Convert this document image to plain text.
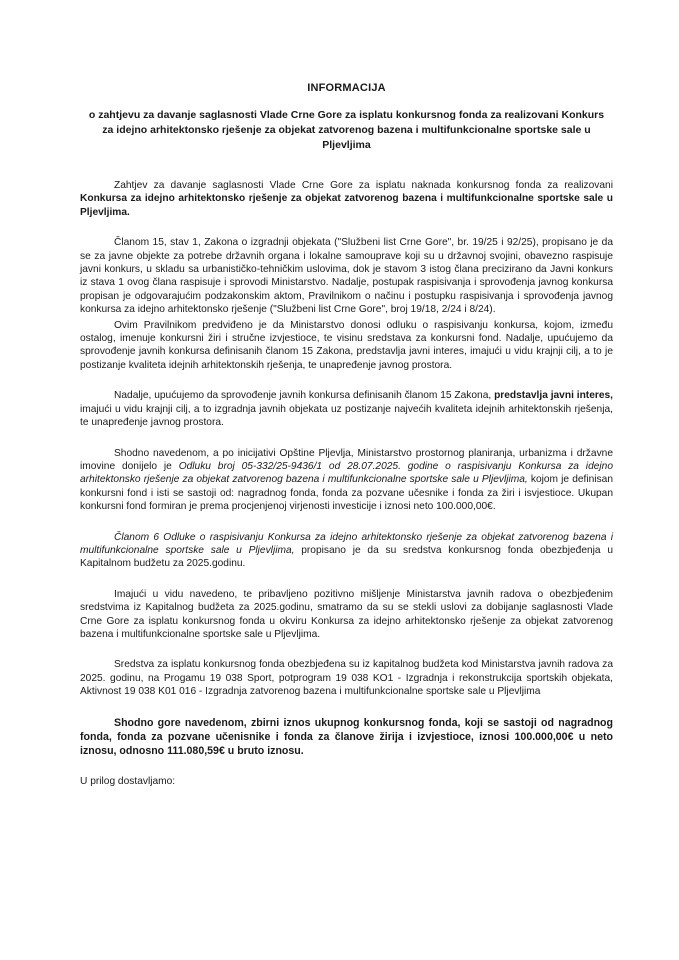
INFORMACIJA
o zahtjevu za davanje saglasnosti Vlade Crne Gore za isplatu konkursnog fonda za realizovani Konkurs za idejno arhitektonsko rješenje za objekat zatvorenog bazena i multifunkcionalne sportske sale u Pljevljima

Zahtjev za davanje saglasnosti Vlade Crne Gore za isplatu naknada konkursnog fonda za realizovani Konkursa za idejno arhitektonsko rješenje za objekat zatvorenog bazena i multifunkcionalne sportske sale u Pljevljima.

Članom 15, stav 1, Zakona o izgradnji objekata ("Službeni list Crne Gore", br. 19/25 i 92/25), propisano je da se za javne objekte za potrebe državnih organa i lokalne samouprave koji su u državnoj svojini, obavezno raspisuje javni konkurs, u skladu sa urbanističko-tehničkim uslovima, dok je stavom 3 istog člana precizirano da Javni konkurs iz stava 1 ovog člana raspisuje i sprovodi Ministarstvo. Nadalje, postupak raspisivanja i sprovođenja javnog konkursa propisan je odgovarajućim podzakonskim aktom, Pravilnikom o načinu i postupku raspisivanja i sprovođenja javnog konkursa za idejno arhitektonsko rješenje ("Službeni list Crne Gore", broj 19/18, 2/24 i 8/24).

Ovim Pravilnikom predviđeno je da Ministarstvo donosi odluku o raspisivanju konkursa, kojom, između ostalog, imenuje konkursni žiri i stručne izvjestioce, te visinu sredstava za konkursni fond. Nadalje, upućujemo da sprovođenje javnih konkursa definisanih članom 15 Zakona, predstavlja javni interes, imajući u vidu krajnji cilj, a to je postizanje kvaliteta idejnih arhitektonskih rješenja, te unapređenje javnog prostora.

Nadalje, upućujemo da sprovođenje javnih konkursa definisanih članom 15 Zakona, predstavlja javni interes, imajući u vidu krajnji cilj, a to izgradnja javnih objekata uz postizanje najvećih kvaliteta idejnih arhitektonskih rješenja, te unapređenje javnog prostora.

Shodno navedenom, a po inicijativi Opštine Pljevlja, Ministarstvo prostornog planiranja, urbanizma i državne imovine donijelo je Odluku broj 05-332/25-9436/1 od 28.07.2025. godine o raspisivanju Konkursa za idejno arhitektonsko rješenje za objekat zatvorenog bazena i multifunkcionalne sportske sale u Pljevljima, kojom je definisan konkursni fond i isti se sastoji od: nagradnog fonda, fonda za pozvane učesnike i fonda za žiri i isvjestioce. Ukupan konkursni fond formiran je prema procjenjenoj virjenosti investicije i iznosi neto 100.000,00€.

Članom 6 Odluke o raspisivanju Konkursa za idejno arhitektonsko rješenje za objekat zatvorenog bazena i multifunkcionalne sportske sale u Pljevljima, propisano je da su sredstva konkursnog fonda obezbjeđenja u Kapitalnom budžetu za 2025.godinu.

Imajući u vidu navedeno, te pribavljeno pozitivno mišljenje Ministarstva javnih radova o obezbjeđenim sredstvima iz Kapitalnog budžeta za 2025.godinu, smatramo da su se stekli uslovi za dobijanje saglasnosti Vlade Crne Gore za isplatu konkursnog fonda u okviru Konkursa za idejno arhitektonsko rješenje za objekat zatvorenog bazena i multifunkcionalne sportske sale u Pljevljima.

Sredstva za isplatu konkursnog fonda obezbjeđena su iz kapitalnog budžeta kod Ministarstva javnih radova za 2025. godinu, na Progamu 19 038 Sport, potprogram 19 038 KO1 - Izgradnja i rekonstrukcija sportskih objekata, Aktivnost 19 038 K01 016 - Izgradnja zatvorenog bazena i multifunkcionalne sportske sale u Pljevljima

Shodno gore navedenom, zbirni iznos ukupnog konkursnog fonda, koji se sastoji od nagradnog fonda, fonda za pozvane učenisnike i fonda za članove žirija i izvjestioce, iznosi 100.000,00€ u neto iznosu, odnosno 111.080,59€ u bruto iznosu.

U prilog dostavljamo:
